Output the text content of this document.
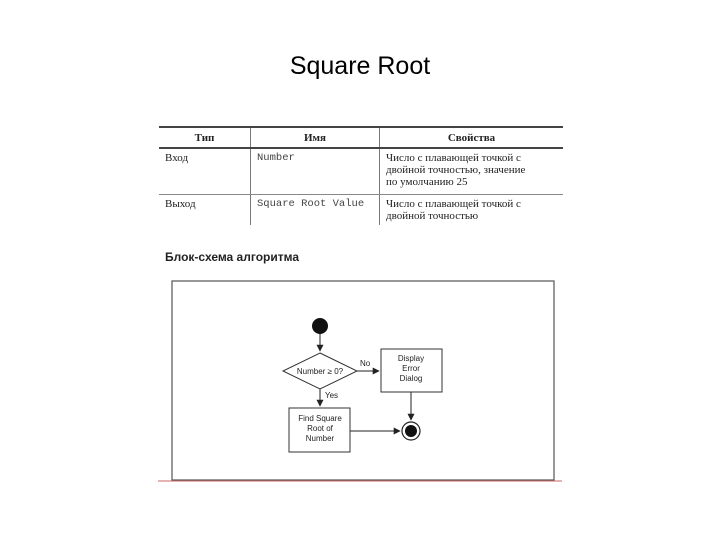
Square Root
Тип	Имя	Свойства
Вход	Number	Число с плавающей точкой с
двойной точностью, значение
по умолчанию 25

Выход	Square Root Value	Число с плавающей точкой с
двойной точностью
Блок-схема алгоритма
Number ≥ 0?
No
Display
Error
Dialog
Yes
Find Square
Root of
Number
